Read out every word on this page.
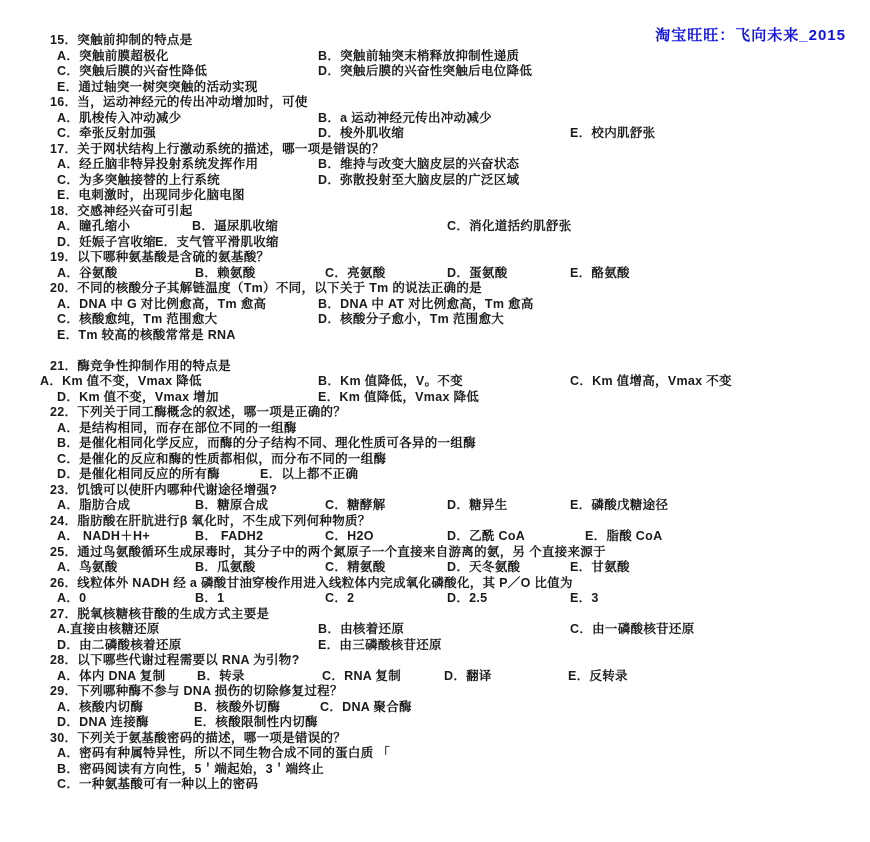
淘宝旺旺：飞向未来_2015
15．突触前抑制的特点是
A．突触前膜超极化	B．突触前轴突末梢释放抑制性递质
C．突触后膜的兴奋性降低	D．突触后膜的兴奋性突触后电位降低
E．通过轴突一树突突触的活动实现
16．当，运动神经元的传出冲动增加时，可使
A．肌梭传入冲动减少	B．a 运动神经元传出冲动减少
C．牵张反射加强	D．梭外肌收缩	E．校内肌舒张
17．关于网状结构上行激动系统的描述，哪一项是错误的？
A．经丘脑非特异投射系统发挥作用	B．维持与改变大脑皮层的兴奋状态
C．为多突触接替的上行系统	D．弥散投射至大脑皮层的广泛区域
E．电刺激时，出现同步化脑电图
18．交感神经兴奋可引起
A．瞳孔缩小	B．逼尿肌收缩	C．消化道括约肌舒张
D．妊娠子宫收缩 E．支气管平滑肌收缩
19．以下哪种氨基酸是含硫的氨基酸？
A．谷氨酸	B．赖氨酸	C．亮氨酸	D．蛋氨酸	E．酪氨酸
20．不同的核酸分子其解链温度（Tm）不同，以下关于 Tm 的说法正确的是
A．DNA 中 G 对比例愈高，Tm 愈高	B．DNA 中 AT 对比例愈高，Tm 愈高
C．核酸愈纯，Tm 范围愈大	D．核酸分子愈小，Tm 范围愈大
E．Tm 较高的核酸常常是 RNA
21．酶竞争性抑制作用的特点是
A．Km 值不变，Vmax 降低	B．Km 值降低，V。不变	C．Km 值增高，Vmax 不变
D．Km 值不变，Vmax 增加	E．Km 值降低，Vmax 降低
22．下列关于同工酶概念的叙述，哪一项是正确的？
A．是结构相同，而存在部位不同的一组酶
B．是催化相同化学反应，而酶的分子结构不同、理化性质可各异的一组酶
C．是催化的反应和酶的性质都相似，而分布不同的一组酶
D．是催化相同反应的所有酶	E．以上都不正确
23．饥饿可以使肝内哪种代谢途径增强?
A．脂肪合成	B．糖原合成	C．糖酵解	D．糖异生	E．磷酸戊糖途径
24．脂肪酸在肝肮进行β 氧化时，不生成下列何种物质？
A． NADH＋H+	B． FADH2	C．H2O	D．乙酰 CoA	E．脂酸 CoA
25．通过鸟氨酸循环生成尿毒时，其分子中的两个氮原子一个直接来自游离的氨，另 个直接来源于
A．鸟氨酸	B．瓜氨酸	C．精氨酸	D．天冬氨酸	E．甘氨酸
26．线粒体外 NADH 经 a 磷酸甘油穿梭作用进入线粒体内完成氧化磷酸化，其 P／O 比值为
A．0	B．1	C．2	D．2.5	E．3
27．脱氧核糖核苷酸的生成方式主要是
A.直接由核糖还原	B．由核着还原	C．由一磷酸核苷还原
D．由二磷酸核着还原	E．由三磷酸核苷还原
28．以下哪些代谢过程需要以 RNA 为引物?
A．体内 DNA 复制	B．转录	C．RNA 复制	D．翻译	E．反转录
29．下列哪种酶不参与 DNA 损伤的切除修复过程？
A．核酸内切酶	B．核酸外切酶	C．DNA 聚合酶
D．DNA 连接酶	E．核酸限制性内切酶
30．下列关于氨基酸密码的描述，哪一项是错误的？
A．密码有种属特异性，所以不同生物合成不同的蛋白质 「
B．密码阅读有方向性，5＇端起始，3＇端终止
C．一种氨基酸可有一种以上的密码
